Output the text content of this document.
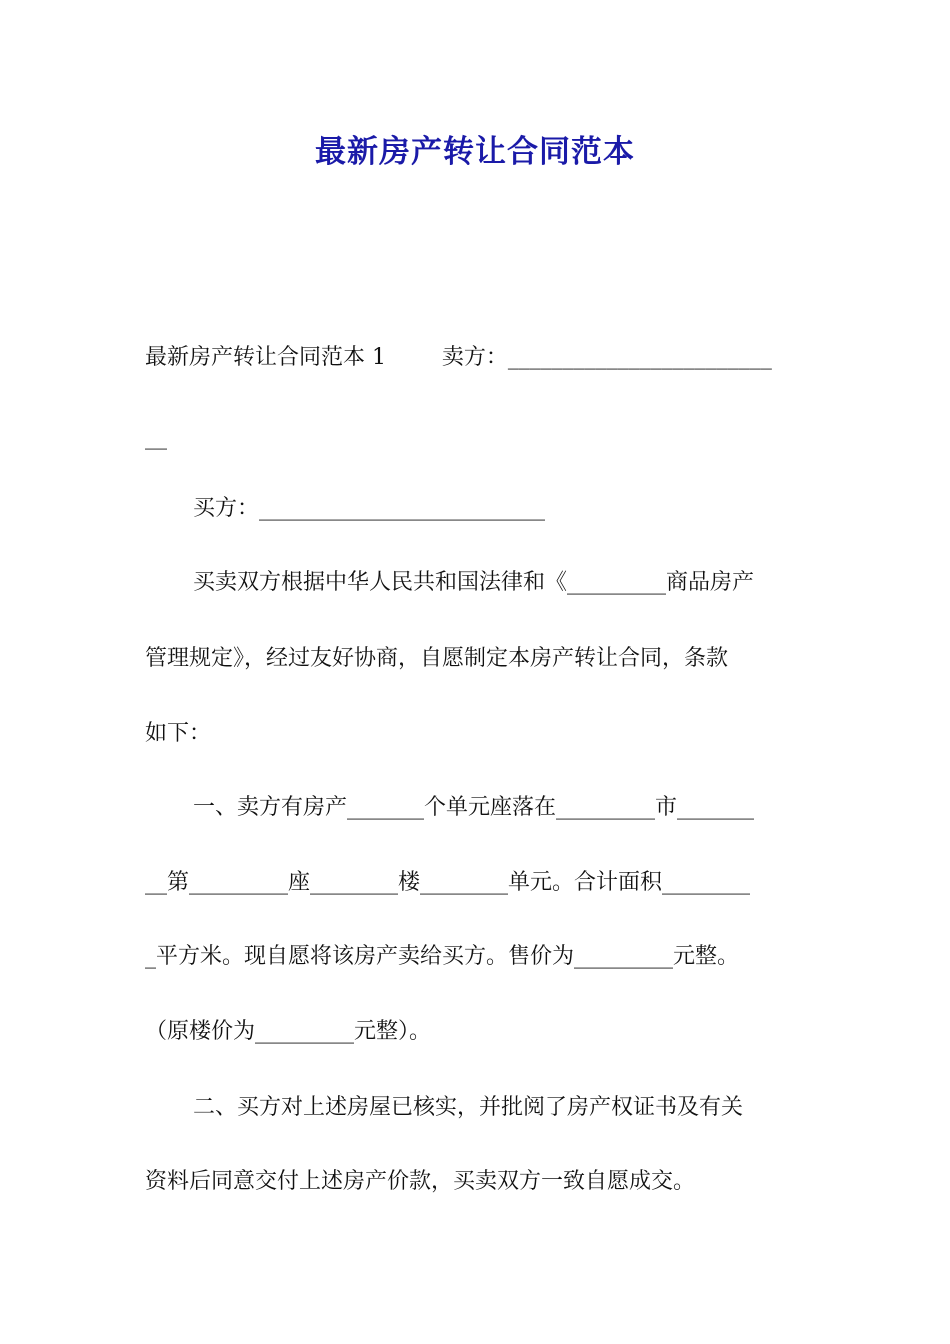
最新房产转让合同范本

最新房产转让合同范本 1        卖方：________________________

__

买方：__________________________

买卖双方根据中华人民共和国法律和《_________商品房产

管理规定》，经过友好协商，自愿制定本房产转让合同，条款

如下：

一、卖方有房产_______个单元座落在_________市_______

__第_________座________楼________单元。合计面积________

_平方米。现自愿将该房产卖给买方。售价为_________元整。

（原楼价为_________元整）。

二、买方对上述房屋已核实，并批阅了房产权证书及有关

资料后同意交付上述房产价款，买卖双方一致自愿成交。
